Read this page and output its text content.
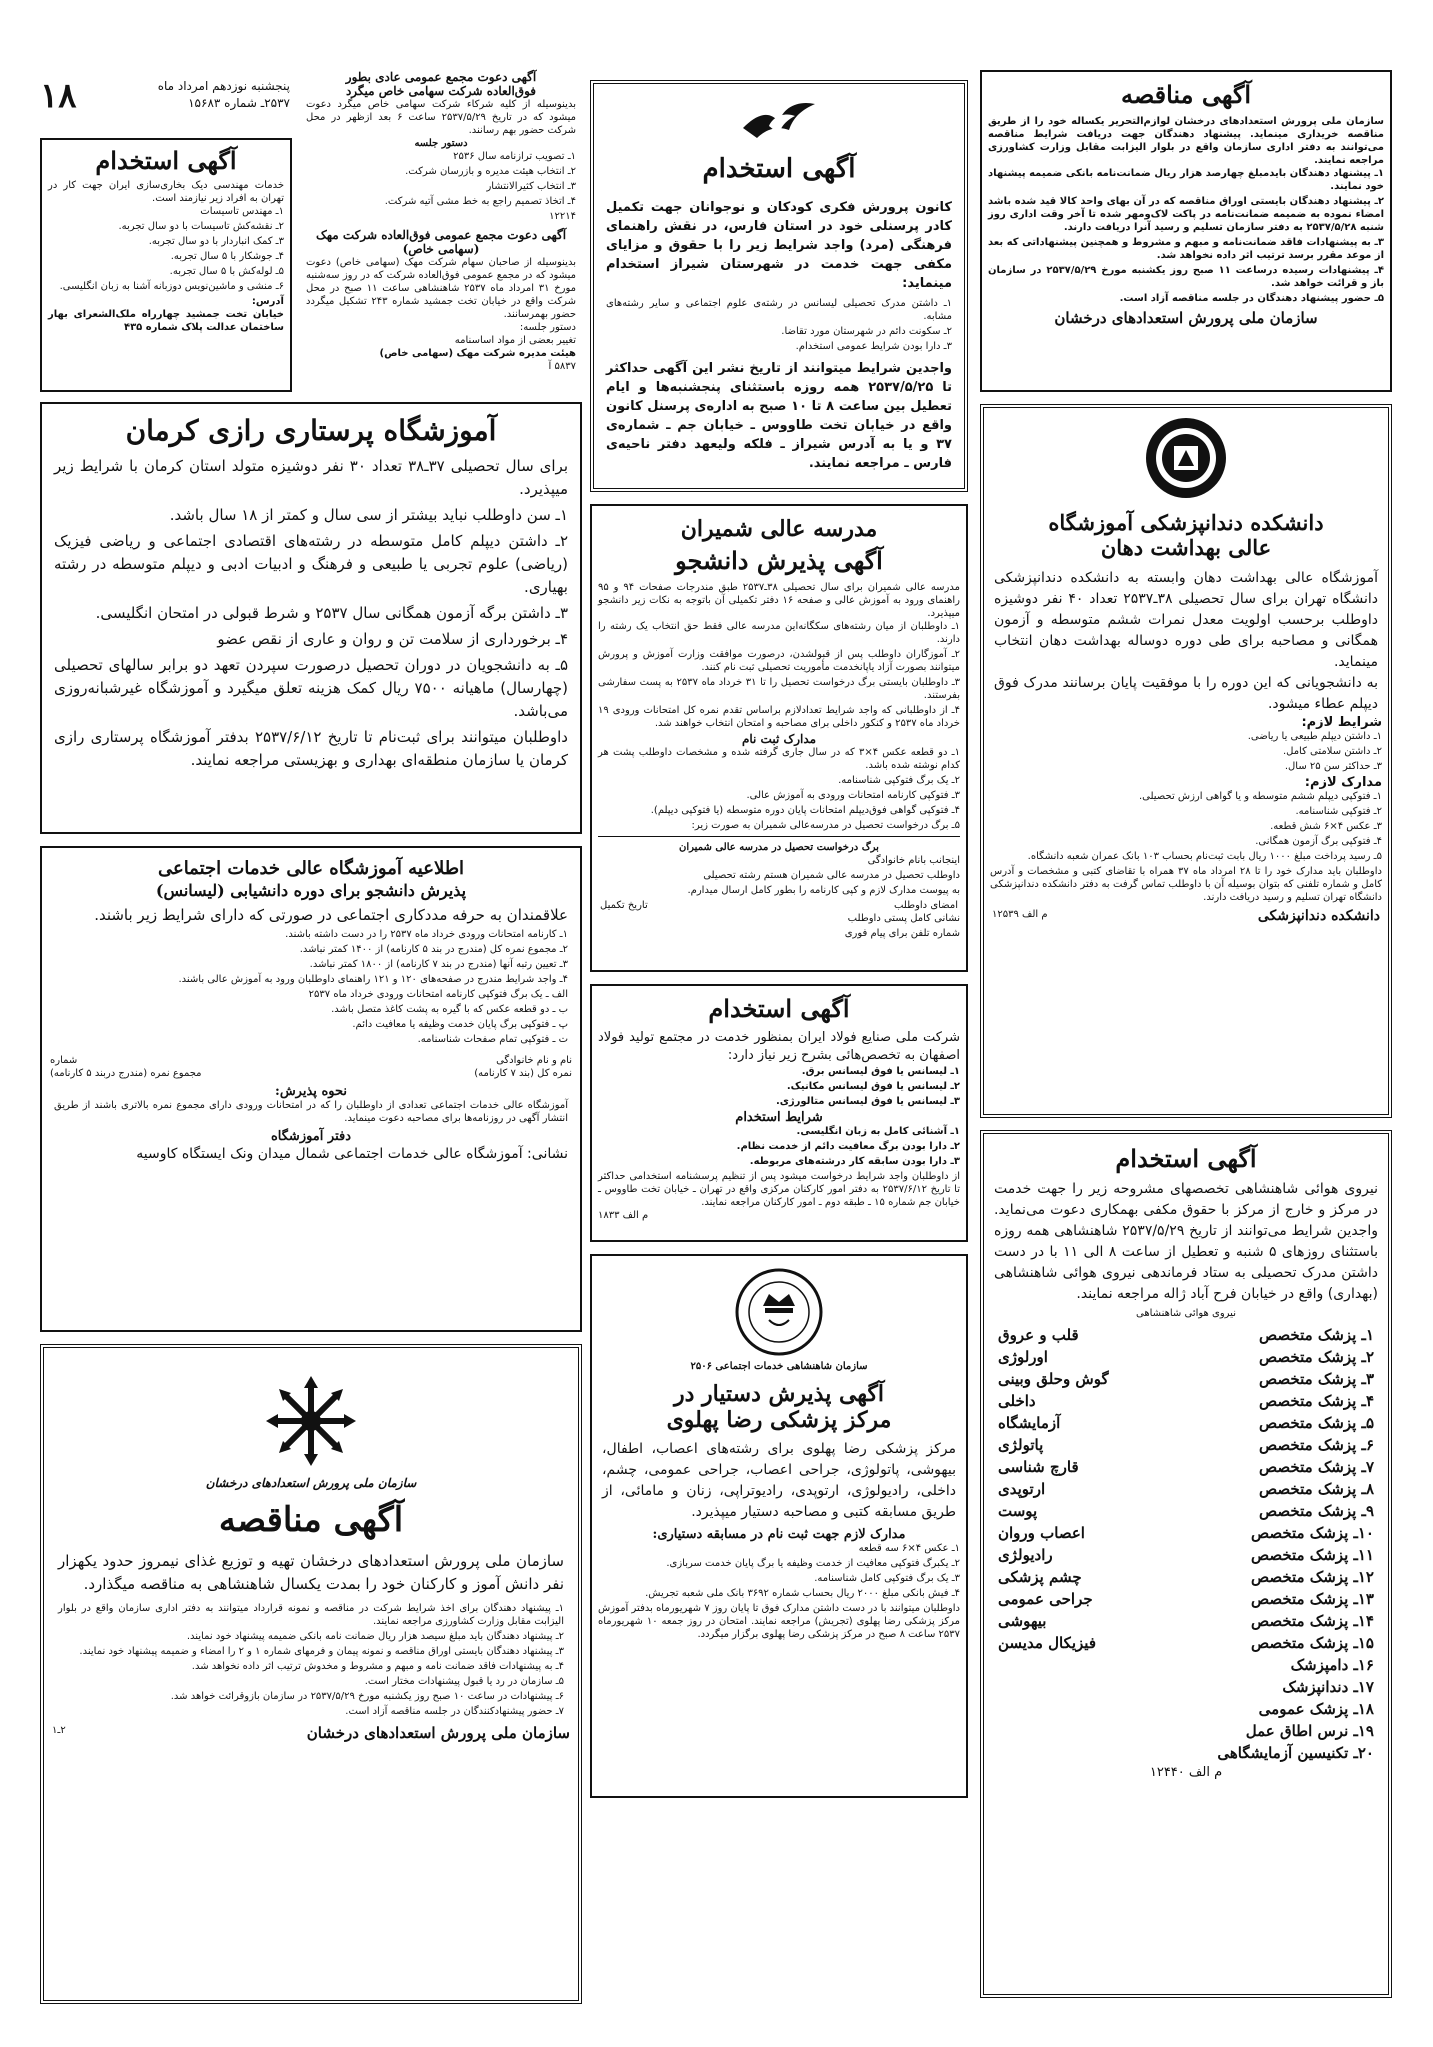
۱۸	پنجشنبه نوزدهم امرداد ماه
۲۵۳۷ـ شماره ۱۵۶۸۳
آگهی دعوت مجمع عمومی عادی بطور
فوق‌العاده شرکت سهامی خاص میگرد
بدینوسیله از کلیه شرکاء شرکت سهامی خاص میگرد دعوت میشود که در تاریخ ۲۵۳۷/۵/۲۹ ساعت ۶ بعد ازظهر در محل شرکت حضور بهم رسانند.
دستور جلسه

۱ـ تصویب ترازنامه سال ۲۵۳۶

۲ـ انتخاب هیئت مدیره و بازرسان شرکت.

۳ـ انتخاب کثیرالانتشار

۴ـ اتخاذ تصمیم راجع به خط مشی آتیه شرکت.

۱۲۲۱۴
آگهی دعوت مجمع عمومی فوق‌العاده شرکت مهک
(سهامی خاص)
بدینوسیله از صاحبان سهام شرکت مهک (سهامی خاص) دعوت میشود که در مجمع عمومی فوق‌العاده شرکت که در روز سه‌شنبه مورخ ۳۱ امرداد ماه ۲۵۳۷ شاهنشاهی ساعت ۱۱ صبح در محل شرکت واقع در خیابان تخت جمشید شماره ۲۴۳ تشکیل میگردد حضور بهمرسانند.
دستور جلسه:
تغییر بعضی از مواد اساسنامه
هیئت مدیره شرکت مهک (سهامی خاص)
۵۸۳۷ آ
آگهی استخدام
خدمات مهندسی دیک بخاری‌سازی ایران جهت کار در تهران به افراد زیر نیازمند است.

۱ـ مهندس تاسیسات

۲ـ نقشه‌کش تاسیسات با دو سال تجربه.

۳ـ کمک انباردار با دو سال تجربه.

۴ـ جوشکار با ۵ سال تجربه.

۵ـ لوله‌کش با ۵ سال تجربه.

۶ـ منشی و ماشین‌نویس دوزبانه آشنا به زبان انگلیسی.

آدرس:
خیابان تخت جمشید چهارراه ملک‌الشعرای بهار ساختمان عدالت پلاک شماره ۴۳۵
آموزشگاه پرستاری رازی کرمان

برای سال تحصیلی ۳۷ـ۳۸ تعداد ۳۰ نفر دوشیزه متولد استان کرمان با شرایط زیر میپذیرد.

۱ـ سن داوطلب نباید بیشتر از سی سال و کمتر از ۱۸ سال باشد.

۲ـ داشتن دیپلم کامل متوسطه در رشته‌های اقتصادی اجتماعی و ریاضی فیزیک (ریاضی) علوم تجربی یا طبیعی و فرهنگ و ادبیات ادبی و دیپلم متوسطه در رشته بهیاری.

۳ـ داشتن برگه آزمون همگانی سال ۲۵۳۷ و شرط قبولی در امتحان انگلیسی.

۴ـ برخورداری از سلامت تن و روان و عاری از نقص عضو

۵ـ به دانشجویان در دوران تحصیل درصورت سپردن تعهد دو برابر سالهای تحصیلی (چهارسال) ماهیانه ۷۵۰۰ ریال کمک هزینه تعلق میگیرد و آموزشگاه غیرشبانه‌روزی می‌باشد.

داوطلبان میتوانند برای ثبت‌نام تا تاریخ ۲۵۳۷/۶/۱۲ بدفتر آموزشگاه پرستاری رازی کرمان یا سازمان منطقه‌ای بهداری و بهزیستی مراجعه نمایند.

اطلاعیه آموزشگاه عالی خدمات اجتماعی
پذیرش دانشجو برای دوره دانشیابی (لیسانس)
علاقمندان به حرفه مددکاری اجتماعی در صورتی که دارای شرایط زیر باشند.

۱ـ کارنامه امتحانات ورودی خرداد ماه ۲۵۳۷ را در دست داشته باشند.

۲ـ مجموع نمره کل (مندرج در بند ۵ کارنامه) از ۱۴۰۰ کمتر نباشد.

۳ـ تعیین رتبه آنها (مندرج در بند ۷ کارنامه) از ۱۸۰۰ کمتر نباشد.

۴ـ واجد شرایط مندرج در صفحه‌های ۱۲۰ و ۱۲۱ راهنمای داوطلبان ورود به آموزش عالی باشند.

الف ـ یک برگ فتوکپی کارنامه امتحانات ورودی خرداد ماه ۲۵۳۷

ب ـ دو قطعه عکس که با گیره به پشت کاغذ متصل باشد.

پ ـ فتوکپی برگ پایان خدمت وظیفه یا معافیت دائم.

ت ـ فتوکپی تمام صفحات شناسنامه.

نام و نام خانوادگی
شماره
نمره کل (بند ۷ کارنامه)
مجموع نمره (مندرج دربند ۵ کارنامه)
نحوه پذیرش:
آموزشگاه عالی خدمات اجتماعی تعدادی از داوطلبان را که در امتحانات ورودی دارای مجموع نمره بالاتری باشند از طریق انتشار آگهی در روزنامه‌ها برای مصاحبه دعوت مینماید.
دفتر آموزشگاه
نشانی: آموزشگاه عالی خدمات اجتماعی شمال میدان ونک ایستگاه کاوسیه
سازمان ملی پرورش استعدادهای درخشان
آگهی مناقصه
سازمان ملی پرورش استعدادهای درخشان تهیه و توزیع غذای نیمروز حدود یکهزار نفر دانش آموز و کارکنان خود را بمدت یکسال شاهنشاهی به مناقصه میگذارد.

۱ـ پیشنهاد دهندگان برای اخذ شرایط شرکت در مناقصه و نمونه قرارداد میتوانند به دفتر اداری سازمان واقع در بلوار الیزابت مقابل وزارت کشاورزی مراجعه نمایند.

۲ـ پیشنهاد دهندگان باید مبلغ سیصد هزار ریال ضمانت نامه بانکی ضمیمه پیشنهاد خود نمایند.

۳ـ پیشنهاد دهندگان بایستی اوراق مناقصه و نمونه پیمان و فرمهای شماره ۱ و ۲ را امضاء و ضمیمه پیشنهاد خود نمایند.

۴ـ به پیشنهادات فاقد ضمانت نامه و مبهم و مشروط و مخدوش ترتیب اثر داده نخواهد شد.

۵ـ سازمان در رد یا قبول پیشنهادات مختار است.

۶ـ پیشنهادات در ساعت ۱۰ صبح روز یکشنبه مورخ ۲۵۳۷/۵/۲۹ در سازمان بازوقرائت خواهد شد.

۷ـ حضور پیشنهادکنندگان در جلسه مناقصه آزاد است.

سازمان ملی پرورش استعدادهای درخشان
۲ـ۱
آگهی استخدام
کانون پرورش فکری کودکان و نوجوانان جهت تکمیل کادر پرسنلی خود در استان فارس، در نقش راهنمای فرهنگی (مرد) واجد شرایط زیر را با حقوق و مزایای مکفی جهت خدمت در شهرستان شیراز استخدام مینماید:

۱ـ داشتن مدرک تحصیلی لیسانس در رشته‌ی علوم اجتماعی و سایر رشته‌های مشابه.

۲ـ سکونت دائم در شهرستان مورد تقاضا.

۳ـ دارا بودن شرایط عمومی استخدام.

واجدین شرایط میتوانند از تاریخ نشر این آگهی حداکثر تا ۲۵۳۷/۵/۲۵ همه روزه باستثنای پنجشنبه‌ها و ایام تعطیل بین ساعت ۸ تا ۱۰ صبح به اداره‌ی پرسنل کانون واقع در خیابان تخت طاووس ـ خیابان جم ـ شماره‌ی ۳۷ و یا به آدرس شیراز ـ فلکه ولیعهد دفتر ناحیه‌ی فارس ـ مراجعه نمایند.
مدرسه عالی شمیران
آگهی پذیرش دانشجو
مدرسه عالی شمیران برای سال تحصیلی ۳۸ـ۲۵۳۷ طبق مندرجات صفحات ۹۴ و ۹۵ راهنمای ورود به آموزش عالی و صفحه ۱۶ دفتر تکمیلی آن باتوجه به نکات زیر دانشجو میپذیرد.

۱ـ داوطلبان از میان رشته‌های سکگانه‌این مدرسه عالی فقط حق انتخاب یک رشته را دارند.

۲ـ آموزگاران داوطلب پس از قبولشدن، درصورت موافقت وزارت آموزش و پرورش میتوانند بصورت آزاد یاپانخدمت مأموریت تحصیلی ثبت نام کنند.

۳ـ داوطلبان بایستی برگ درخواست تحصیل را تا ۳۱ خرداد ماه ۲۵۳۷ به پست سفارشی بفرستند.

۴ـ از داوطلبانی که واجد شرایط تعدادلازم براساس تقدم نمره کل امتحانات ورودی ۱۹ خرداد ماه ۲۵۳۷ و کنکور داخلی برای مصاحبه و امتحان انتخاب خواهند شد.

مدارک ثبت نام

۱ـ دو قطعه عکس ۴×۳ که در سال جاری گرفته شده و مشخصات داوطلب پشت هر کدام نوشته شده باشد.

۲ـ یک برگ فتوکپی شناسنامه.

۳ـ فتوکپی کارنامه امتحانات ورودی به آموزش عالی.

۴ـ فتوکپی گواهی فوق‌دیپلم امتحانات پایان دوره متوسطه (یا فتوکپی دیپلم).

۵ـ برگ درخواست تحصیل در مدرسه‌عالی شمیران به صورت زیر:

برگ درخواست تحصیل در مدرسه عالی شمیران

اینجانب بانام خانوادگی

داوطلب تحصیل در مدرسه عالی شمیران هستم رشته تحصیلی

به پیوست مدارک لازم و کپی کارنامه را بطور کامل ارسال میدارم.

امضای داوطلب
تاریخ تکمیل

نشانی کامل پستی داوطلب

شماره تلفن برای پیام فوری

آگهی استخدام
شرکت ملی صنایع فولاد ایران بمنظور خدمت در مجتمع تولید فولاد اصفهان به تخصص‌هائی بشرح زیر نیاز دارد:

۱ـ لیسانس یا فوق لیسانس برق.

۲ـ لیسانس یا فوق لیسانس مکانیک.

۳ـ لیسانس یا فوق لیسانس متالورژی.

شرایط استخدام

۱ـ آشنائی کامل به زبان انگلیسی.

۲ـ دارا بودن برگ معافیت دائم از خدمت نظام.

۳ـ دارا بودن سابقه کار درشته‌های مربوطه.

از داوطلبان واجد شرایط درخواست میشود پس از تنظیم پرسشنامه استخدامی حداکثر تا تاریخ ۲۵۳۷/۶/۱۲ به دفتر امور کارکنان مرکزی واقع در تهران ـ خیابان تخت طاووس ـ خیابان جم شماره ۱۵ ـ طبقه دوم ـ امور کارکنان مراجعه نمایند.
م الف ۱۸۳۳
سازمان شاهنشاهی خدمات اجتماعی ۲۵۰۶
آگهی پذیرش دستیار در
مرکز پزشکی رضا پهلوی
مرکز پزشکی رضا پهلوی برای رشته‌های اعصاب، اطفال، بیهوشی، پاتولوژی، جراحی اعصاب، جراحی عمومی، چشم، داخلی، رادیولوژی، ارتوپدی، رادیوتراپی، زنان و مامائی، از طریق مسابقه کتبی و مصاحبه دستیار میپذیرد.
مدارک لازم جهت ثبت نام در مسابقه دستیاری:

۱ـ عکس ۴×۶ سه قطعه

۲ـ یکبرگ فتوکپی معافیت از خدمت وظیفه یا برگ پایان خدمت سربازی.

۳ـ یک برگ فتوکپی کامل شناسنامه.

۴ـ فیش بانکی مبلغ ۲۰۰۰ ریال بحساب شماره ۳۶۹۲ بانک ملی شعبه تجریش.

داوطلبان میتوانند با در دست داشتن مدارک فوق تا پایان روز ۷ شهریورماه بدفتر آموزش مرکز پزشکی رضا پهلوی (تجریش) مراجعه نمایند. امتحان در روز جمعه ۱۰ شهریورماه ۲۵۳۷ ساعت ۸ صبح در مرکز پزشکی رضا پهلوی برگزار میگردد.
آگهی مناقصه
سازمان ملی پرورش استعدادهای درخشان لوازم‌التحریر یکساله خود را از طریق مناقصه خریداری مینماید. پیشنهاد دهندگان جهت دریافت شرایط مناقصه می‌توانند به دفتر اداری سازمان واقع در بلوار الیزابت مقابل وزارت کشاورزی مراجعه نمایند.

۱ـ پیشنهاد دهندگان بایدمبلغ چهارصد هزار ریال ضمانت‌نامه بانکی ضمیمه پیشنهاد خود نمایند.

۲ـ پیشنهاد دهندگان بایستی اوراق مناقصه که در آن بهای واحد کالا قید شده باشد امضاء نموده به ضمیمه ضمانت‌نامه در پاکت لاک‌ومهر شده تا آخر وقت اداری روز شنبه ۲۵۳۷/۵/۲۸ به دفتر سازمان تسلیم و رسید آنرا دریافت دارند.

۳ـ به پیشنهادات فاقد ضمانت‌نامه و مبهم و مشروط و همچنین پیشنهاداتی که بعد از موعد مقرر برسد ترتیب اثر داده نخواهد شد.

۴ـ پیشنهادات رسیده درساعت ۱۱ صبح روز یکشنبه مورخ ۲۵۳۷/۵/۲۹ در سازمان باز و قرائت خواهد شد.

۵ـ حضور پیشنهاد دهندگان در جلسه مناقصه آزاد است.

سازمان ملی پرورش استعدادهای درخشان
دانشکده دندانپزشکی آموزشگاه
عالی بهداشت دهان
آموزشگاه عالی بهداشت دهان وابسته به دانشکده دندانپزشکی دانشگاه تهران برای سال تحصیلی ۳۸ـ۲۵۳۷ تعداد ۴۰ نفر دوشیزه داوطلب برحسب اولویت معدل نمرات ششم متوسطه و آزمون همگانی و مصاحبه برای طی دوره دوساله بهداشت دهان انتخاب مینماید.
به دانشجویانی که این دوره را با موفقیت پایان برسانند مدرک فوق دیپلم عطاء میشود.
شرایط لازم:

۱ـ داشتن دیپلم طبیعی یا ریاضی.

۲ـ داشتن سلامتی کامل.

۳ـ حداکثر سن ۲۵ سال.

مدارک لازم:

۱ـ فتوکپی دیپلم ششم متوسطه و یا گواهی ارزش تحصیلی.

۲ـ فتوکپی شناسنامه.

۳ـ عکس ۴×۶ شش قطعه.

۴ـ فتوکپی برگ آزمون همگانی.

۵ـ رسید پرداخت مبلغ ۱۰۰۰ ریال بابت ثبت‌نام بحساب ۱۰۳ بانک عمران شعبه دانشگاه.

داوطلبان باید مدارک خود را تا ۲۸ امرداد ماه ۳۷ همراه با تقاضای کتبی و مشخصات و آدرس کامل و شماره تلفنی که بتوان بوسیله آن با داوطلب تماس گرفت به دفتر دانشکده دندانپزشکی دانشگاه تهران تسلیم و رسید دریافت دارند.
دانشکده دندانپزشکی
م الف ۱۲۵۳۹
آگهی استخدام
نیروی هوائی شاهنشاهی تخصصهای مشروحه زیر را جهت خدمت در مرکز و خارج از مرکز با حقوق مکفی بهمکاری دعوت می‌نماید. واجدین شرایط می‌توانند از تاریخ ۲۵۳۷/۵/۲۹ شاهنشاهی همه روزه باستثنای روزهای ۵ شنبه و تعطیل از ساعت ۸ الی ۱۱ با در دست داشتن مدرک تحصیلی به ستاد فرماندهی نیروی هوائی شاهنشاهی (بهداری) واقع در خیابان فرح آباد ژاله مراجعه نمایند.
نیروی هوائی شاهنشاهی
۱ـ پزشک متخصص
قلب و عروق
۲ـ پزشک متخصص
اورلوژی
۳ـ پزشک متخصص
گوش وحلق وبینی
۴ـ پزشک متخصص
داخلی
۵ـ پزشک متخصص
آزمایشگاه
۶ـ پزشک متخصص
پاتولژی
۷ـ پزشک متخصص
قارچ شناسی
۸ـ پزشک متخصص
ارتوپدی
۹ـ پزشک متخصص
پوست
۱۰ـ پزشک متخصص
اعصاب وروان
۱۱ـ پزشک متخصص
رادیولژی
۱۲ـ پزشک متخصص
چشم پزشکی
۱۳ـ پزشک متخصص
جراحی عمومی
۱۴ـ پزشک متخصص
بیهوشی
۱۵ـ پزشک متخصص
فیزیکال مدیسن
۱۶ـ دامپزشک
۱۷ـ دندانپزشک
۱۸ـ پزشک عمومی
۱۹ـ نرس اطاق عمل
۲۰ـ تکنیسین آزمایشگاهی
م الف ۱۲۴۴۰
